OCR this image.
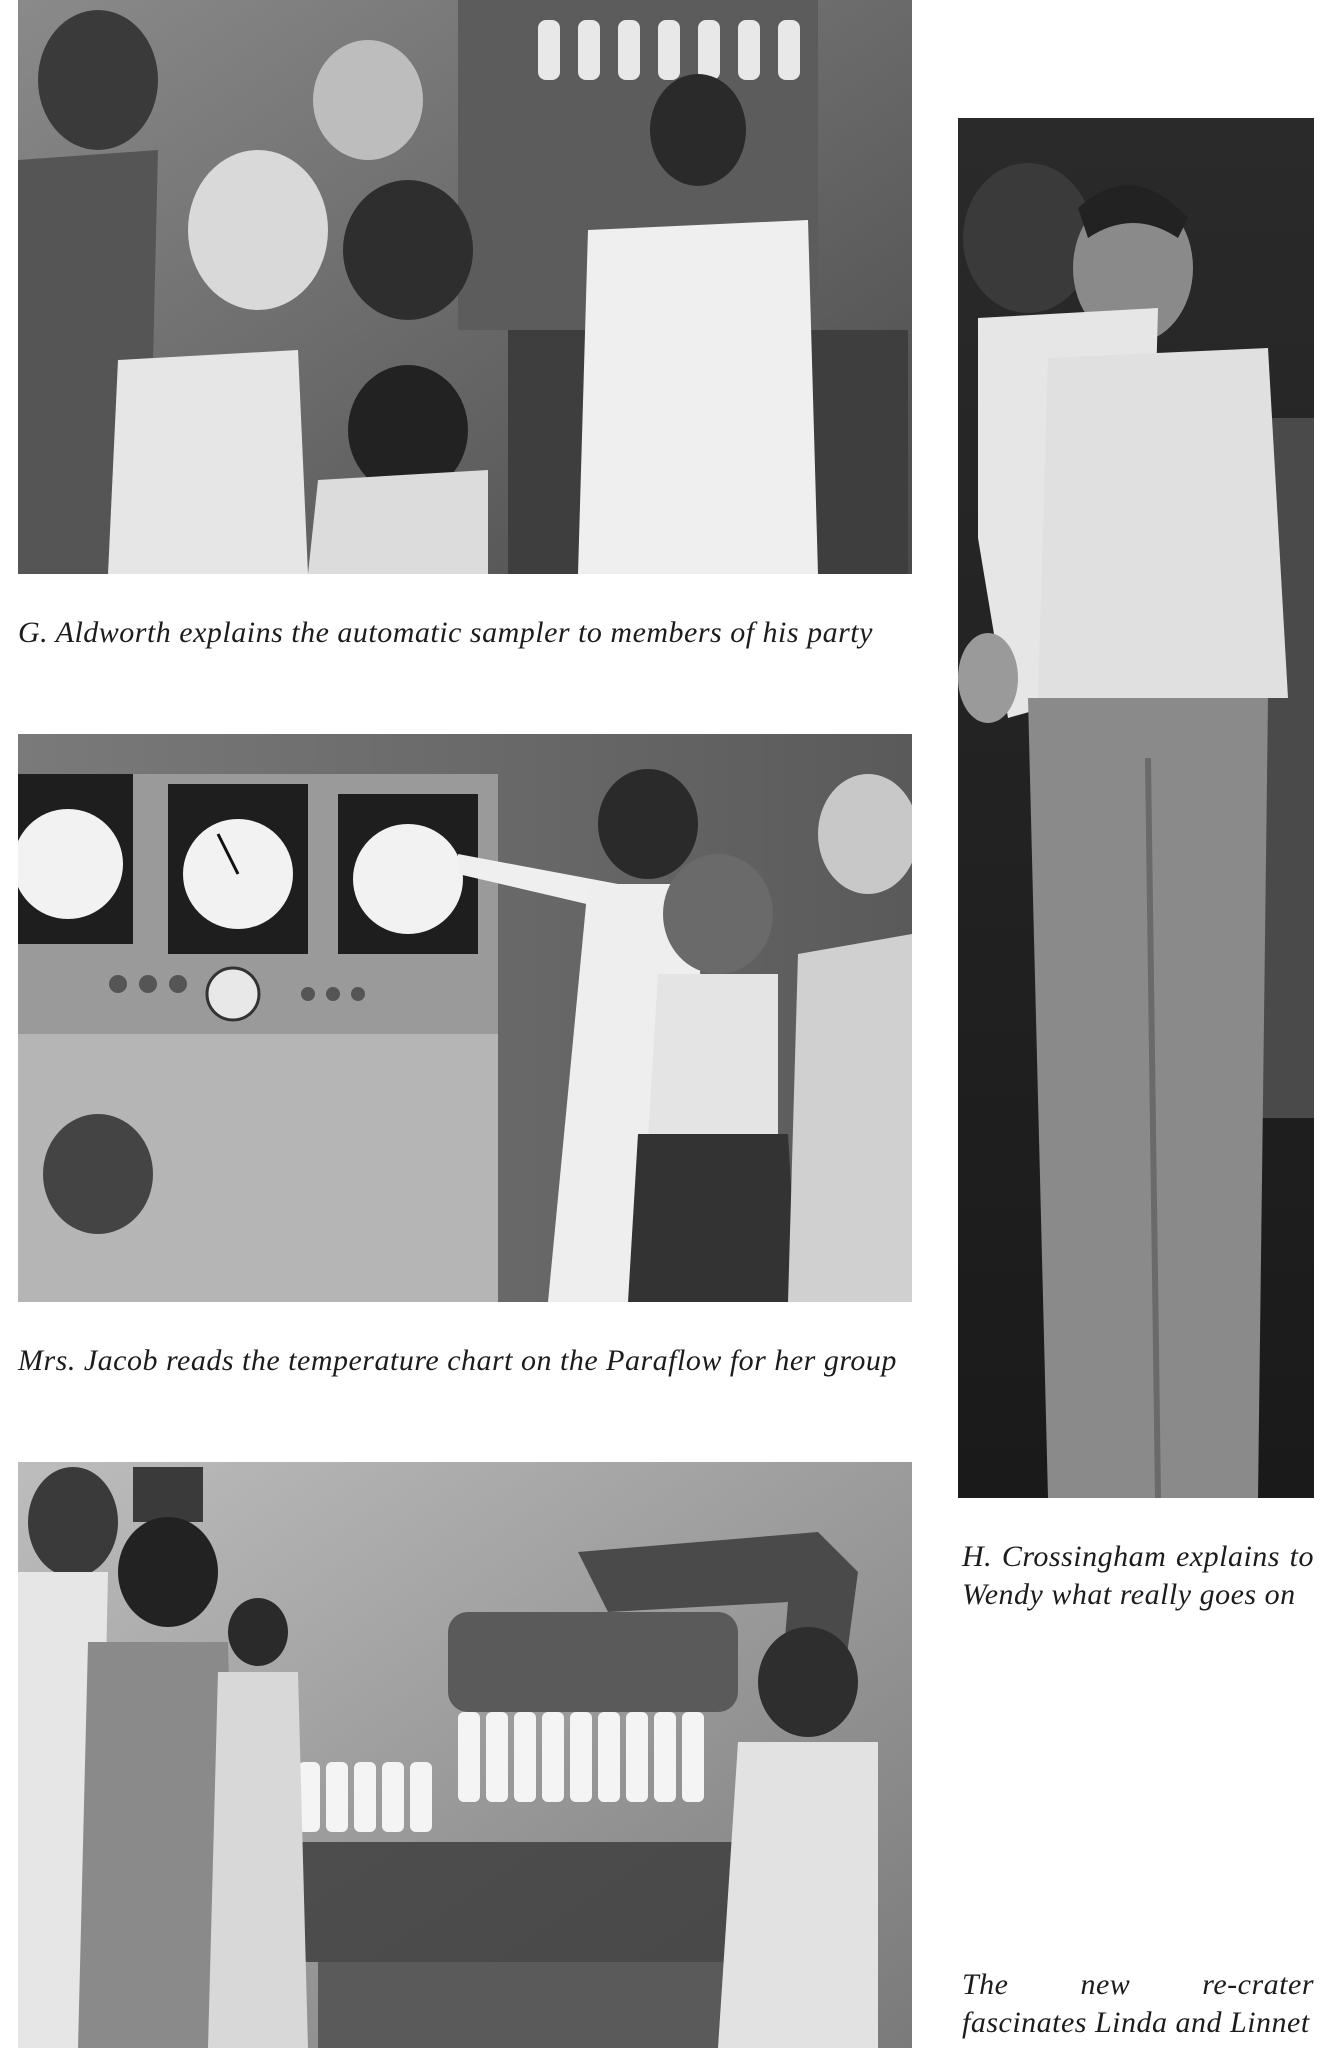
G. Aldworth explains the automatic sampler to members of his party

Mrs. Jacob reads the temperature chart on the Paraflow for her group

H. Crossingham explains to Wendy what really goes on

The new re-crater fascinates Linda and Linnet
